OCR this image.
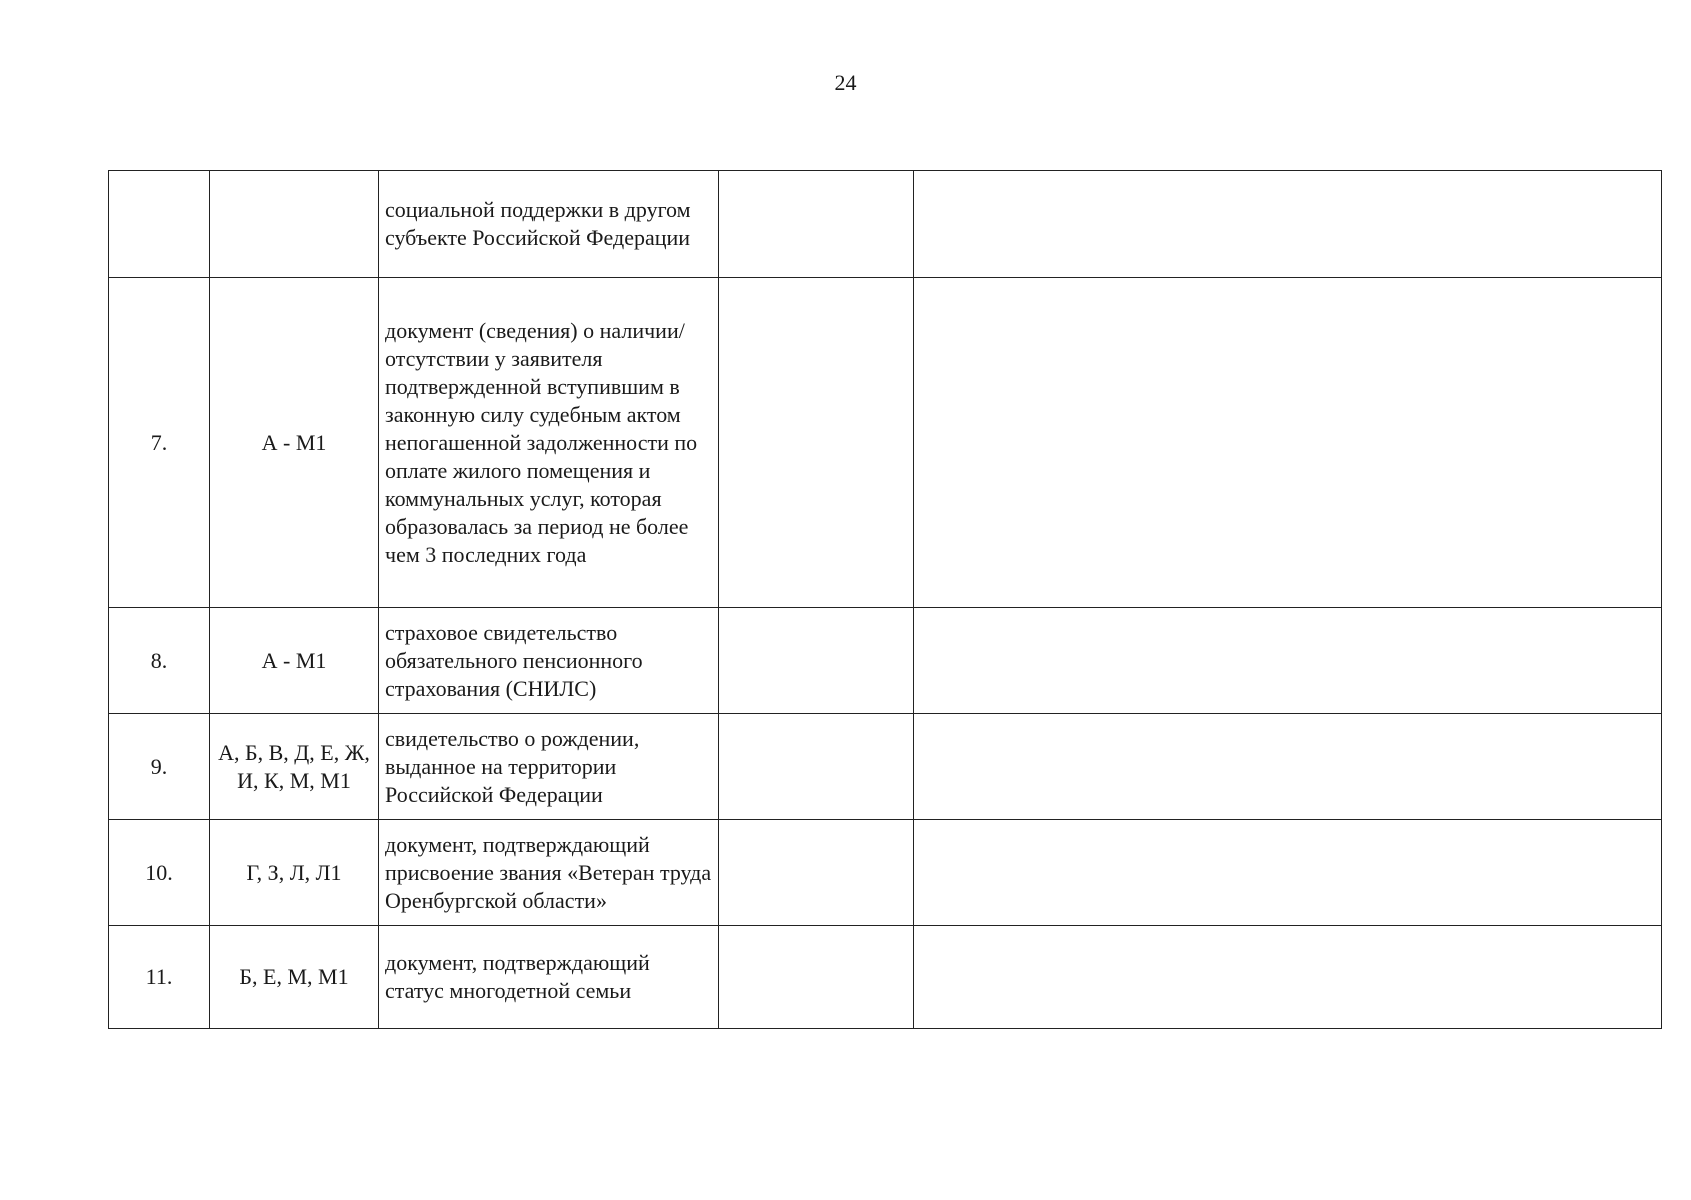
24
		социальной поддержки в другом субъекте Российской Федерации		
7.	А - М1	документ (сведения) о наличии/отсутствии у заявителя подтвержденной вступившим в законную силу судебным актом непогашенной задолженности по оплате жилого помещения и коммунальных услуг, которая образовалась за период не более чем 3 последних года		
8.	А - М1	страховое свидетельство обязательного пенсионного страхования (СНИЛС)		
9.	А, Б, В, Д, Е, Ж, И, К, М, М1	свидетельство о рождении, выданное на территории Российской Федерации		
10.	Г, З, Л, Л1	документ, подтверждающий присвоение звания «Ветеран труда Оренбургской области»		
11.	Б, Е, М, М1	документ, подтверждающий статус многодетной семьи		
